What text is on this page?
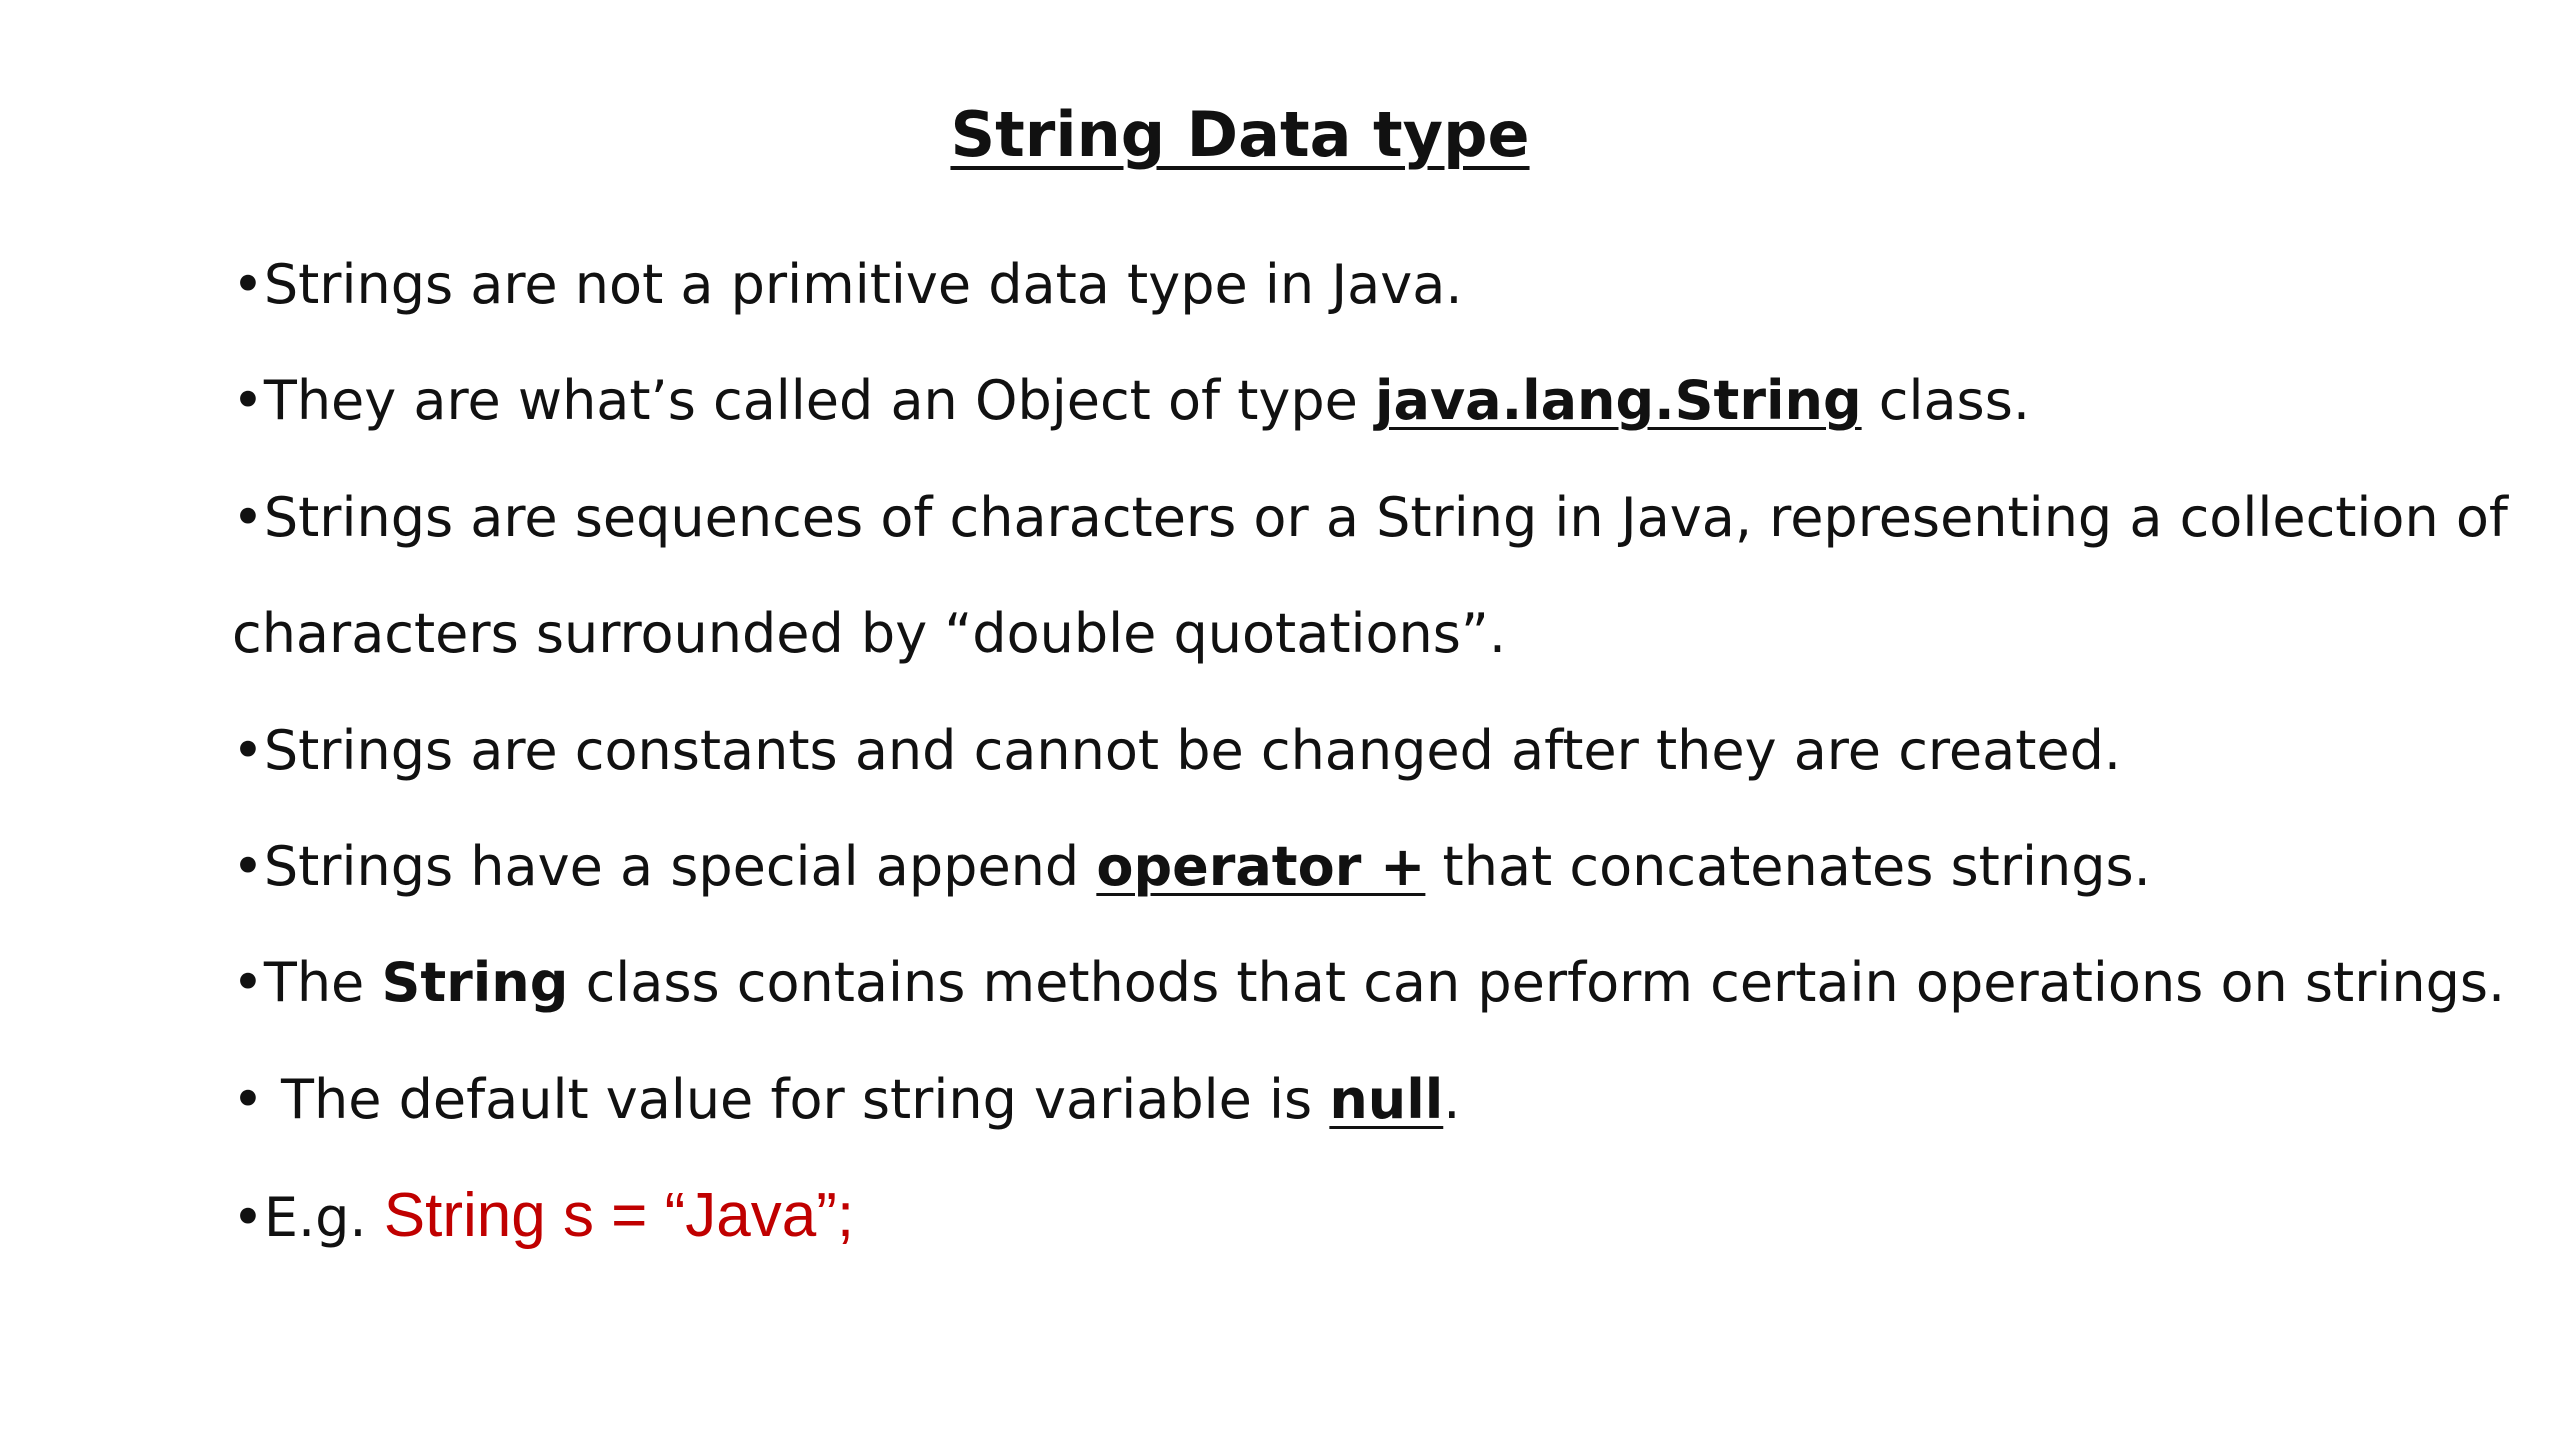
String Data type
•Strings are not a primitive data type in Java.
•They are what’s called an Object of type java.lang.String class.
•Strings are sequences of characters or a String in Java, representing a collection of
characters surrounded by “double quotations”.
•Strings are constants and cannot be changed after they are created.
•Strings have a special append operator + that concatenates strings.
•The String class contains methods that can perform certain operations on strings.
• The default value for string variable is null.
•E.g. String s = “Java”;
